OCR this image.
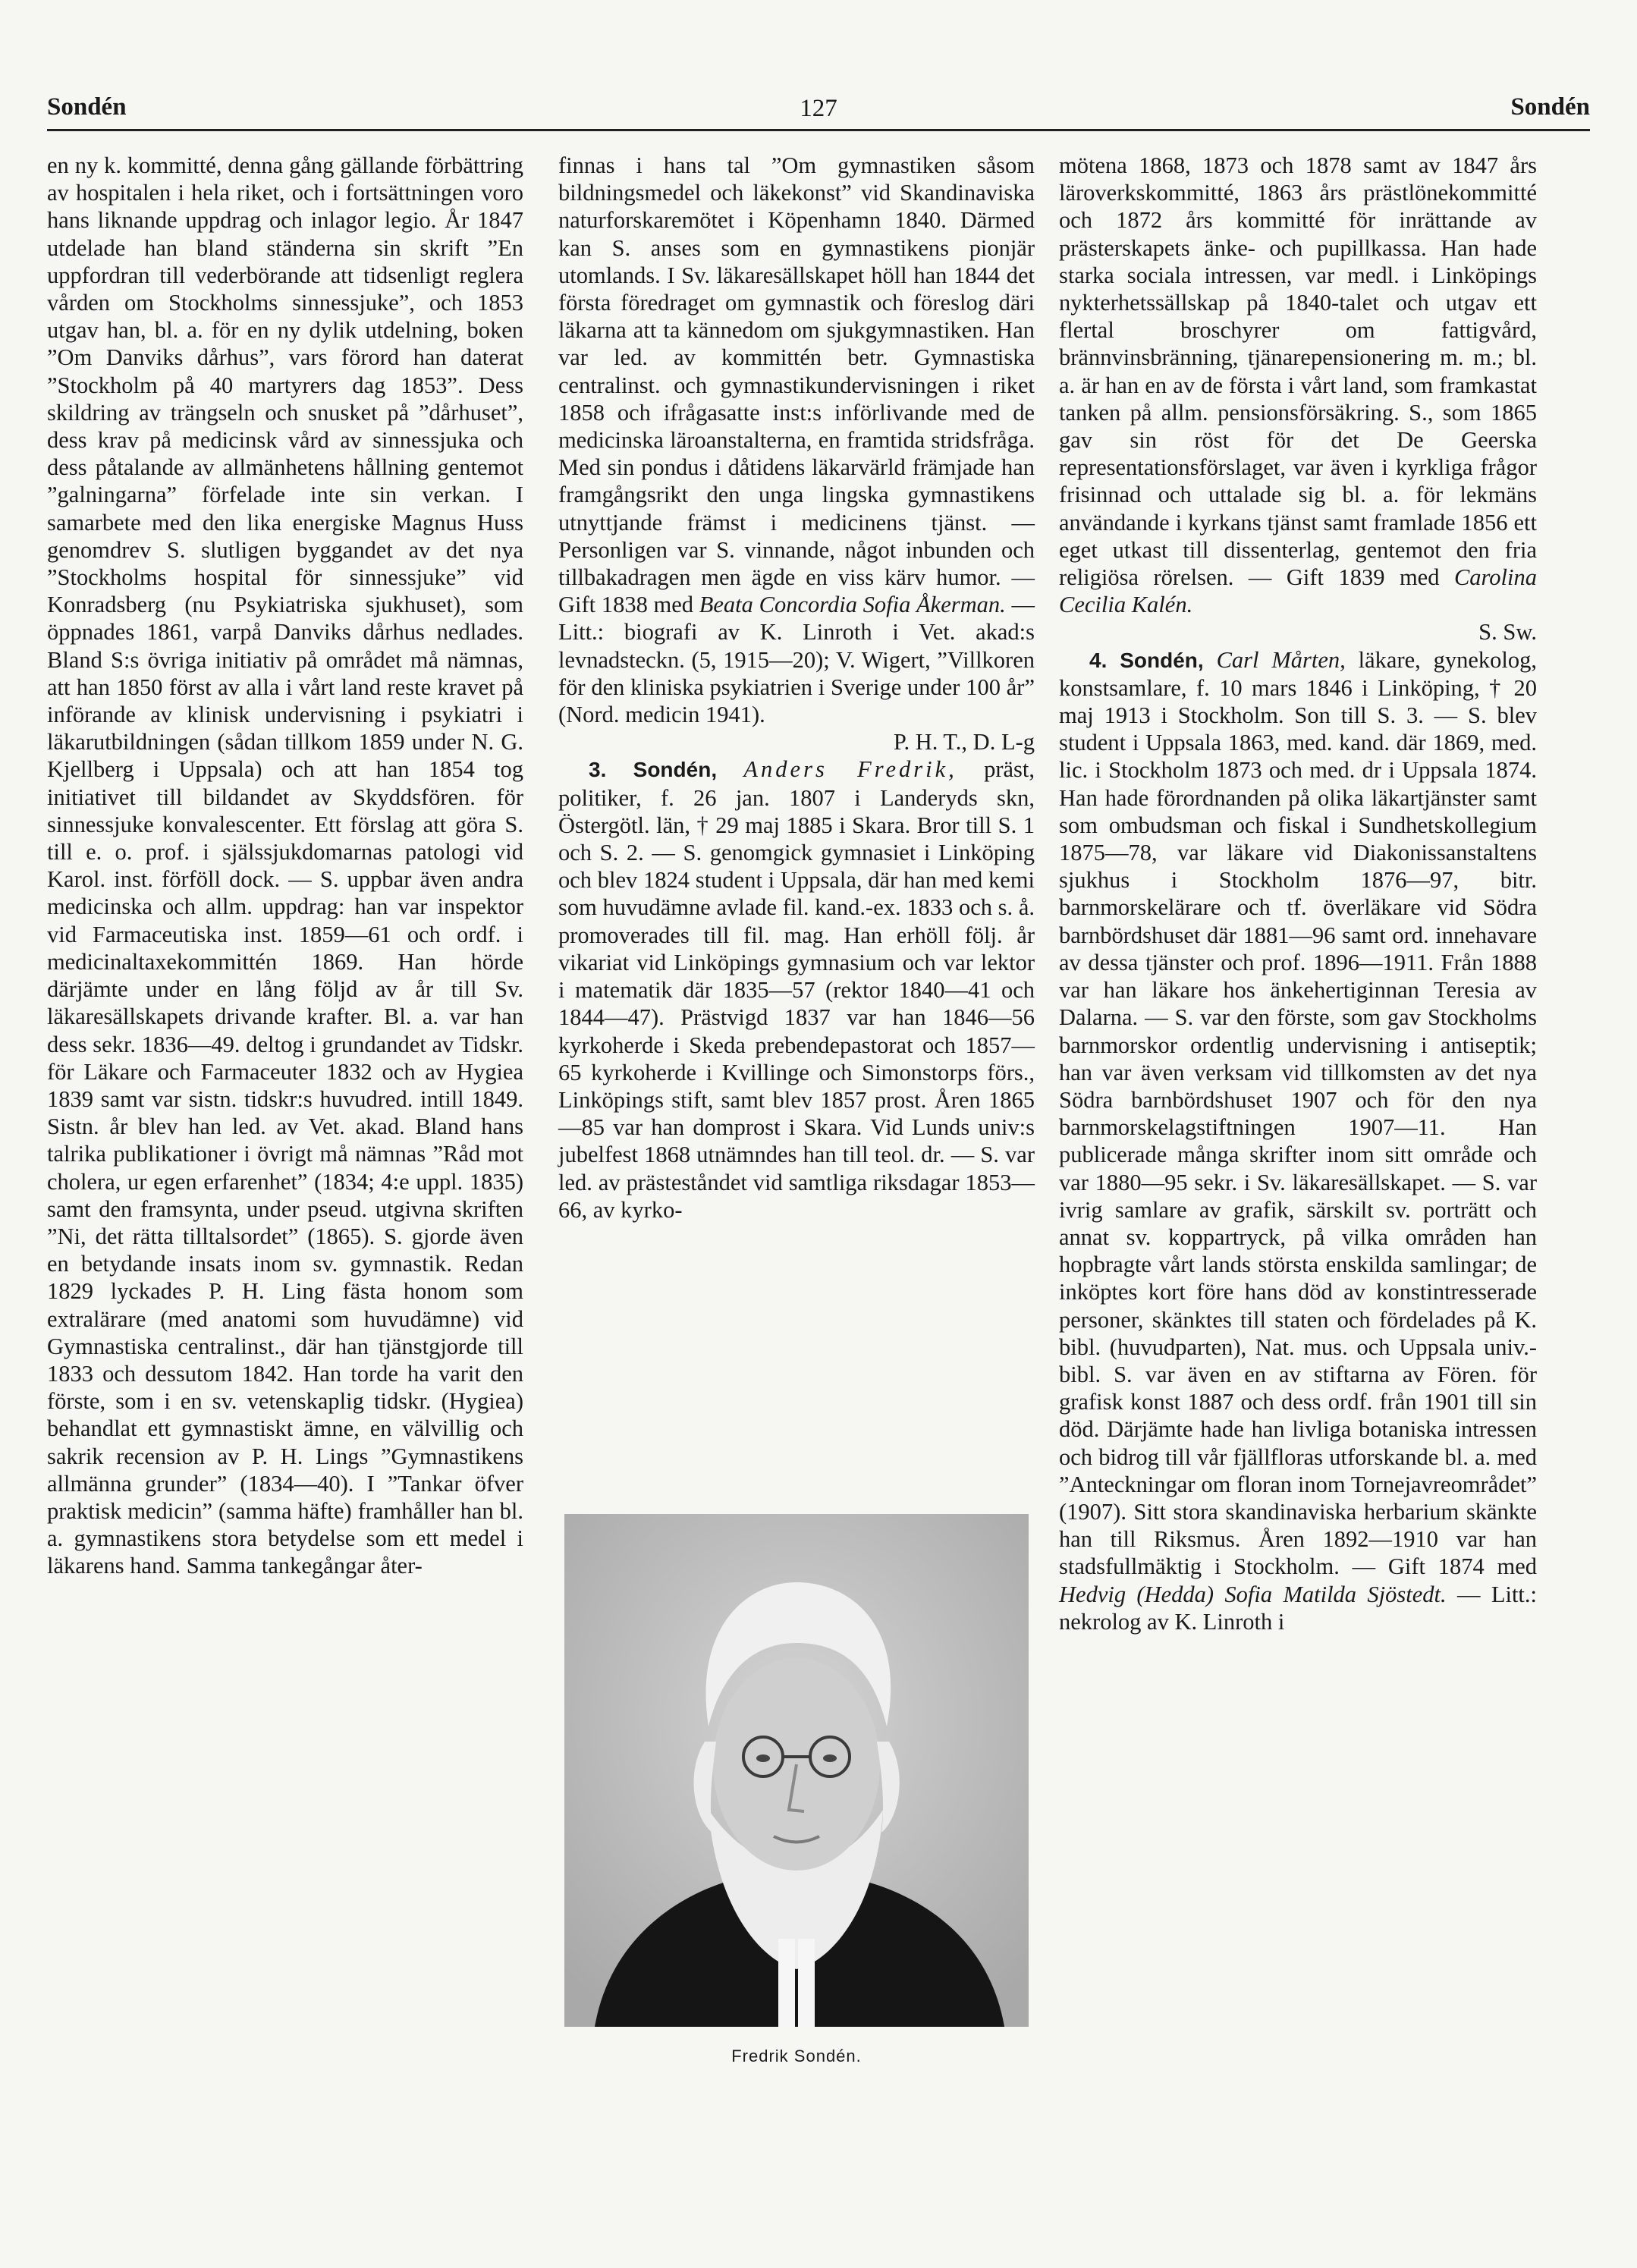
Sondén	127	Sondén

en ny k. kommitté, denna gång gällande förbättring av hospitalen i hela riket, och i fortsättningen voro hans liknande uppdrag och inlagor legio. År 1847 utdelade han bland ständerna sin skrift ”En uppfordran till vederbörande att tidsenligt reglera vården om Stockholms sinnessjuke”, och 1853 utgav han, bl. a. för en ny dylik utdelning, boken ”Om Danviks dårhus”, vars förord han daterat ”Stockholm på 40 martyrers dag 1853”. Dess skildring av trängseln och snusket på ”dårhuset”, dess krav på medicinsk vård av sinnessjuka och dess påtalande av allmänhetens hållning gentemot ”galningarna” förfelade inte sin verkan. I samarbete med den lika energiske Magnus Huss genomdrev S. slutligen byggandet av det nya ”Stockholms hospital för sinnessjuke” vid Konradsberg (nu Psykiatriska sjukhuset), som öppnades 1861, varpå Danviks dårhus nedlades. Bland S:s övriga initiativ på området må nämnas, att han 1850 först av alla i vårt land reste kravet på införande av klinisk undervisning i psykiatri i läkarutbildningen (sådan tillkom 1859 under N. G. Kjellberg i Uppsala) och att han 1854 tog initiativet till bildandet av Skyddsfören. för sinnessjuke konvalescenter. Ett förslag att göra S. till e. o. prof. i själssjukdomarnas patologi vid Karol. inst. förföll dock. — S. uppbar även andra medicinska och allm. uppdrag: han var inspektor vid Farmaceutiska inst. 1859—61 och ordf. i medicinaltaxekommittén 1869. Han hörde därjämte under en lång följd av år till Sv. läkaresällskapets drivande krafter. Bl. a. var han dess sekr. 1836—49. deltog i grundandet av Tidskr. för Läkare och Farmaceuter 1832 och av Hygiea 1839 samt var sistn. tidskr:s huvudred. intill 1849. Sistn. år blev han led. av Vet. akad. Bland hans talrika publikationer i övrigt må nämnas ”Råd mot cholera, ur egen erfarenhet” (1834; 4:e uppl. 1835) samt den framsynta, under pseud. utgivna skriften ”Ni, det rätta tilltalsordet” (1865). S. gjorde även en betydande insats inom sv. gymnastik. Redan 1829 lyckades P. H. Ling fästa honom som extralärare (med anatomi som huvudämne) vid Gymnastiska centralinst., där han tjänstgjorde till 1833 och dessutom 1842. Han torde ha varit den förste, som i en sv. vetenskaplig tidskr. (Hygiea) behandlat ett gymnastiskt ämne, en välvillig och sakrik recension av P. H. Lings ”Gymnastikens allmänna grunder” (1834—40). I ”Tankar öfver praktisk medicin” (samma häfte) framhåller han bl. a. gymnastikens stora betydelse som ett medel i läkarens hand. Samma tankegångar åter-

finnas i hans tal ”Om gymnastiken såsom bildningsmedel och läkekonst” vid Skandinaviska naturforskaremötet i Köpenhamn 1840. Därmed kan S. anses som en gymnastikens pionjär utomlands. I Sv. läkaresällskapet höll han 1844 det första föredraget om gymnastik och föreslog däri läkarna att ta kännedom om sjukgymnastiken. Han var led. av kommittén betr. Gymnastiska centralinst. och gymnastikundervisningen i riket 1858 och ifrågasatte inst:s införlivande med de medicinska läroanstalterna, en framtida stridsfråga. Med sin pondus i dåtidens läkarvärld främjade han framgångsrikt den unga lingska gymnastikens utnyttjande främst i medicinens tjänst. — Personligen var S. vinnande, något inbunden och tillbakadragen men ägde en viss kärv humor. — Gift 1838 med Beata Concordia Sofia Åkerman. — Litt.: biografi av K. Linroth i Vet. akad:s levnadsteckn. (5, 1915—20); V. Wigert, ”Villkoren för den kliniska psykiatrien i Sverige under 100 år” (Nord. medicin 1941).

P. H. T., D. L-g

3. Sondén, Anders Fredrik, präst, politiker, f. 26 jan. 1807 i Landeryds skn, Östergötl. län, † 29 maj 1885 i Skara. Bror till S. 1 och S. 2. — S. genomgick gymnasiet i Linköping och blev 1824 student i Uppsala, där han med kemi som huvudämne avlade fil. kand.-ex. 1833 och s. å. promoverades till fil. mag. Han erhöll följ. år vikariat vid Linköpings gymnasium och var lektor i matematik där 1835—57 (rektor 1840—41 och 1844—47). Prästvigd 1837 var han 1846—56 kyrkoherde i Skeda prebendepastorat och 1857—65 kyrkoherde i Kvillinge och Simonstorps förs., Linköpings stift, samt blev 1857 prost. Åren 1865—85 var han domprost i Skara. Vid Lunds univ:s jubelfest 1868 utnämndes han till teol. dr. — S. var led. av prästeståndet vid samtliga riksdagar 1853—66, av kyrko-

Fredrik Sondén.

mötena 1868, 1873 och 1878 samt av 1847 års läroverkskommitté, 1863 års prästlönekommitté och 1872 års kommitté för inrättande av prästerskapets änke- och pupillkassa. Han hade starka sociala intressen, var medl. i Linköpings nykterhetssällskap på 1840-talet och utgav ett flertal broschyrer om fattigvård, brännvinsbränning, tjänarepensionering m. m.; bl. a. är han en av de första i vårt land, som framkastat tanken på allm. pensionsförsäkring. S., som 1865 gav sin röst för det De Geerska representationsförslaget, var även i kyrkliga frågor frisinnad och uttalade sig bl. a. för lekmäns användande i kyrkans tjänst samt framlade 1856 ett eget utkast till dissenterlag, gentemot den fria religiösa rörelsen. — Gift 1839 med Carolina Cecilia Kalén.

S. Sw.

4. Sondén, Carl Mårten, läkare, gynekolog, konstsamlare, f. 10 mars 1846 i Linköping, † 20 maj 1913 i Stockholm. Son till S. 3. — S. blev student i Uppsala 1863, med. kand. där 1869, med. lic. i Stockholm 1873 och med. dr i Uppsala 1874. Han hade förordnanden på olika läkartjänster samt som ombudsman och fiskal i Sundhetskollegium 1875—78, var läkare vid Diakonissanstaltens sjukhus i Stockholm 1876—97, bitr. barnmorskelärare och tf. överläkare vid Södra barnbördshuset där 1881—96 samt ord. innehavare av dessa tjänster och prof. 1896—1911. Från 1888 var han läkare hos änkehertiginnan Teresia av Dalarna. — S. var den förste, som gav Stockholms barnmorskor ordentlig undervisning i antiseptik; han var även verksam vid tillkomsten av det nya Södra barnbördshuset 1907 och för den nya barnmorskelagstiftningen 1907—11. Han publicerade många skrifter inom sitt område och var 1880—95 sekr. i Sv. läkaresällskapet. — S. var ivrig samlare av grafik, särskilt sv. porträtt och annat sv. koppartryck, på vilka områden han hopbragte vårt lands största enskilda samlingar; de inköptes kort före hans död av konstintresserade personer, skänktes till staten och fördelades på K. bibl. (huvudparten), Nat. mus. och Uppsala univ.-bibl. S. var även en av stiftarna av Fören. för grafisk konst 1887 och dess ordf. från 1901 till sin död. Därjämte hade han livliga botaniska intressen och bidrog till vår fjällfloras utforskande bl. a. med ”Anteckningar om floran inom Tornejavreområdet” (1907). Sitt stora skandinaviska herbarium skänkte han till Riksmus. Åren 1892—1910 var han stadsfullmäktig i Stockholm. — Gift 1874 med Hedvig (Hedda) Sofia Matilda Sjöstedt. — Litt.: nekrolog av K. Linroth i
